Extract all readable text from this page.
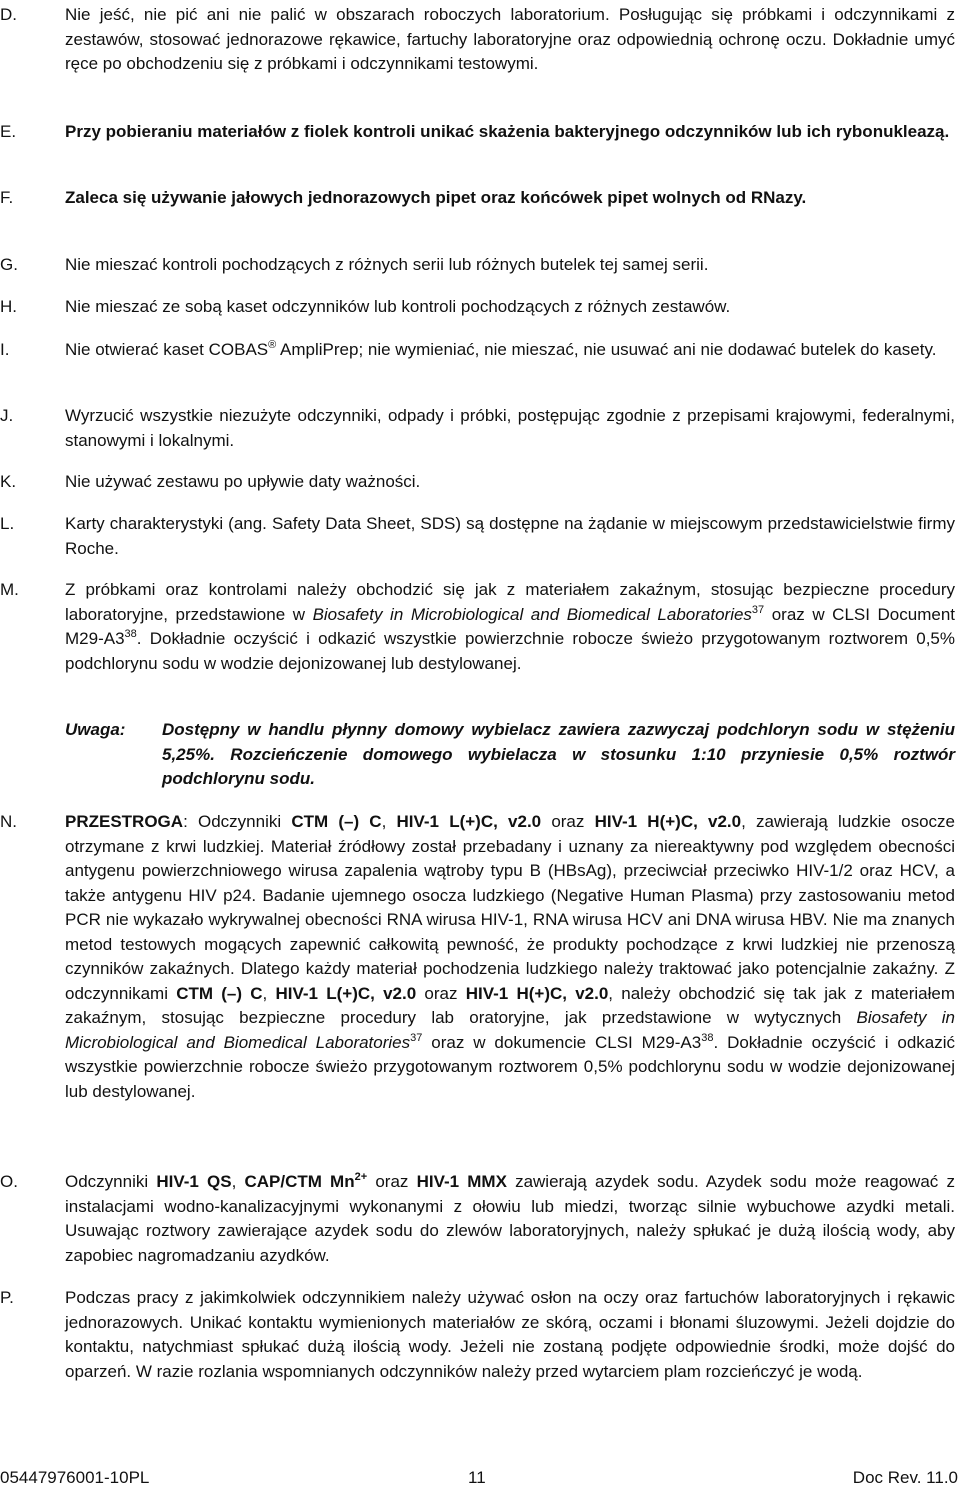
D.	Nie jeść, nie pić ani nie palić w obszarach roboczych laboratorium. Posługując się próbkami i odczynnikami z zestawów, stosować jednorazowe rękawice, fartuchy laboratoryjne oraz odpowiednią ochronę oczu. Dokładnie umyć ręce po obchodzeniu się z próbkami i odczynnikami testowymi.
E.	Przy pobieraniu materiałów z fiolek kontroli unikać skażenia bakteryjnego odczynników lub ich rybonukleazą.
F.	Zaleca się używanie jałowych jednorazowych pipet oraz końcówek pipet wolnych od RNazy.
G.	Nie mieszać kontroli pochodzących z różnych serii lub różnych butelek tej samej serii.
H.	Nie mieszać ze sobą kaset odczynników lub kontroli pochodzących z różnych zestawów.
I.	Nie otwierać kaset COBAS® AmpliPrep; nie wymieniać, nie mieszać, nie usuwać ani nie dodawać butelek do kasety.
J.	Wyrzucić wszystkie niezużyte odczynniki, odpady i próbki, postępując zgodnie z przepisami krajowymi, federalnymi, stanowymi i lokalnymi.
K.	Nie używać zestawu po upływie daty ważności.
L.	Karty charakterystyki (ang. Safety Data Sheet, SDS) są dostępne na żądanie w miejscowym przedstawicielstwie firmy Roche.
M.	Z próbkami oraz kontrolami należy obchodzić się jak z materiałem zakaźnym, stosując bezpieczne procedury laboratoryjne, przedstawione w Biosafety in Microbiological and Biomedical Laboratories$^{37}$ oraz w CLSI Document $M29-A3^{38}$. Dokładnie oczyścić i odkazić wszystkie powierzchnie robocze świeżo przygotowanym roztworem 0,5% podchlorynu sodu w wodzie dejonizowanej lub destylowanej.
Uwaga: Dostępny w handlu płynny domowy wybielacz zawiera zazwyczaj podchloryn sodu w stężeniu 5,25%. Rozcieńczenie domowego wybielacza w stosunku 1:10 przyniesie 0,5% roztwór podchlorynu sodu.
N.	PRZESTROGA: Odczynniki CTM (–) C, HIV-1 L(+)C, v2.0 oraz HIV-1 H(+)C, v2.0, zawierają ludzkie osocze otrzymane z krwi ludzkiej. Materiał źródłowy został przebadany i uznany za niereaktywny pod względem obecności antygenu powierzchniowego wirusa zapalenia wątroby typu B (HBsAg), przeciwciał przeciwko HIV-1/2 oraz HCV, a także antygenu HIV p24. Badanie ujemnego osocza ludzkiego (Negative Human Plasma) przy zastosowaniu metod PCR nie wykazało wykrywalnej obecności RNA wirusa HIV-1, RNA wirusa HCV ani DNA wirusa HBV. Nie ma znanych metod testowych mogących zapewnić całkowitą pewność, że produkty pochodzące z krwi ludzkiej nie przenoszą czynników zakaźnych. Dlatego każdy materiał pochodzenia ludzkiego należy traktować jako potencjalnie zakaźny. Z odczynnikami CTM (–) C, HIV-1 L(+)C, v2.0 oraz HIV-1 H(+)C, v2.0, należy obchodzić się tak jak z materiałem zakaźnym, stosując bezpieczne procedury lab oratoryjne, jak przedstawione w wytycznych Biosafety in Microbiological and Biomedical Laboratories$^{37}$ oraz w dokumencie CLSI $M29-A3^{38}$. Dokładnie oczyścić i odkazić wszystkie powierzchnie robocze świeżo przygotowanym roztworem 0,5% podchlorynu sodu w wodzie dejonizowanej lub destylowanej.
O.	Odczynniki HIV-1 QS, CAP/CTM $Mn^{2+}$ oraz HIV-1 MMX zawierają azydek sodu. Azydek sodu może reagować z instalacjami wodno-kanalizacyjnymi wykonanymi z ołowiu lub miedzi, tworząc silnie wybuchowe azydki metali. Usuwając roztwory zawierające azydek sodu do zlewów laboratoryjnych, należy spłukać je dużą ilością wody, aby zapobiec nagromadzaniu azydków.
P.	Podczas pracy z jakimkolwiek odczynnikiem należy używać osłon na oczy oraz fartuchów laboratoryjnych i rękawic jednorazowych. Unikać kontaktu wymienionych materiałów ze skórą, oczami i błonami śluzowymi. Jeżeli dojdzie do kontaktu, natychmiast spłukać dużą ilością wody. Jeżeli nie zostaną podjęte odpowiednie środki, może dojść do oparzeń. W razie rozlania wspomnianych odczynników należy przed wytarciem plam rozcieńczyć je wodą.
05447976001-10PL	11	Doc Rev. 11.0
